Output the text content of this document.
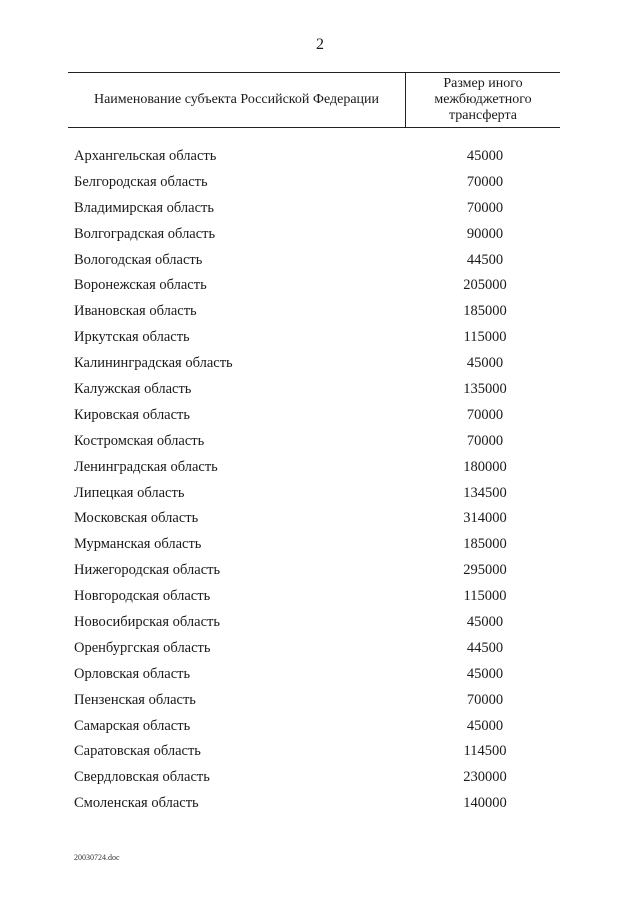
2
Наименование субъекта Российской Федерации
Размер иного
межбюджетного
трансферта
Архангельская область	45000
Белгородская область	70000
Владимирская область	70000
Волгоградская область	90000
Вологодская область	44500
Воронежская область	205000
Ивановская область	185000
Иркутская область	115000
Калининградская область	45000
Калужская область	135000
Кировская область	70000
Костромская область	70000
Ленинградская область	180000
Липецкая область	134500
Московская область	314000
Мурманская область	185000
Нижегородская область	295000
Новгородская область	115000
Новосибирская область	45000
Оренбургская область	44500
Орловская область	45000
Пензенская область	70000
Самарская область	45000
Саратовская область	114500
Свердловская область	230000
Смоленская область	140000
20030724.doc
